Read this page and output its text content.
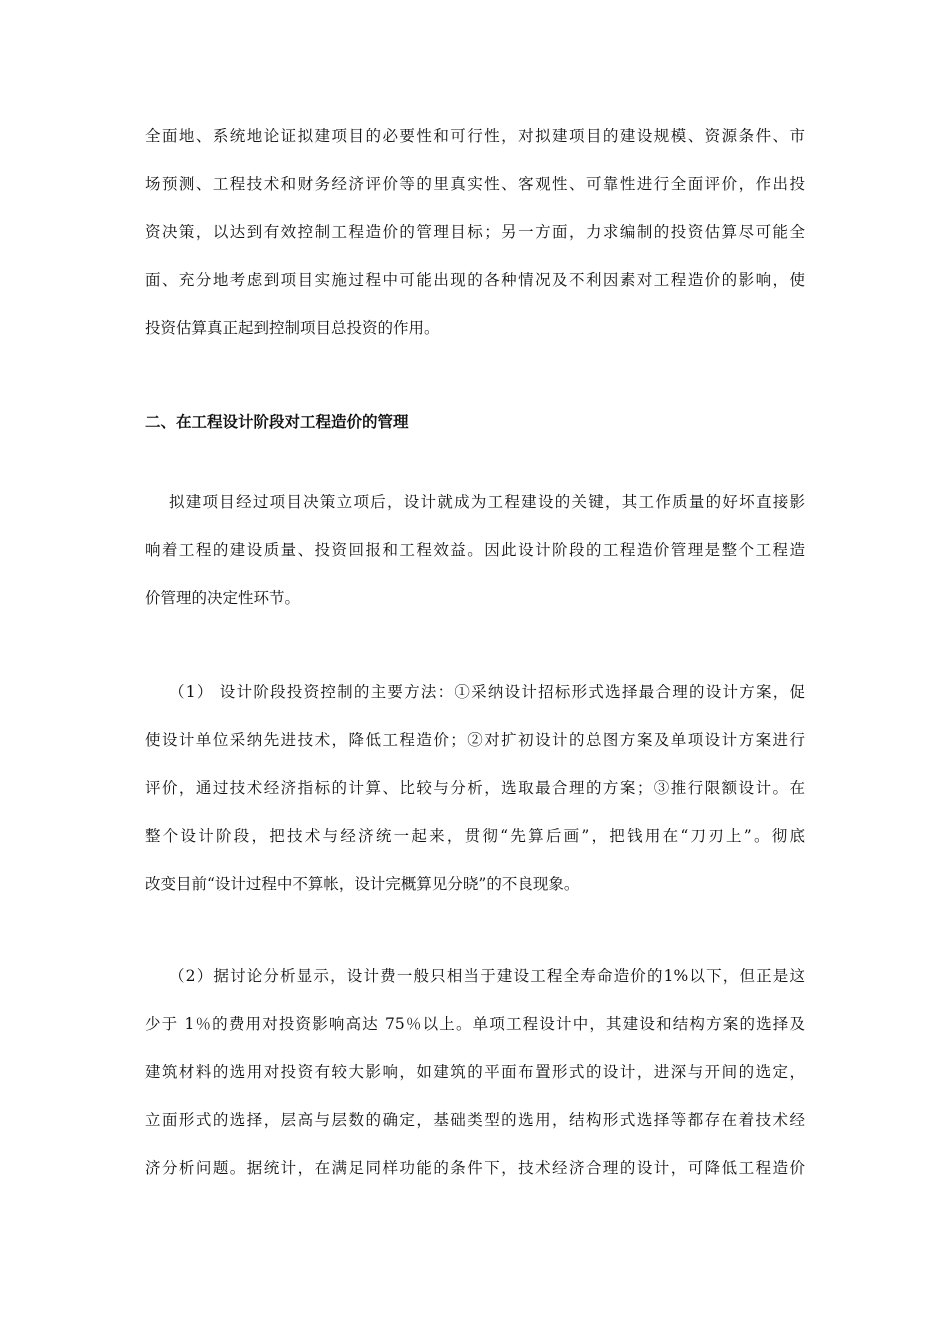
全面地、系统地论证拟建项目的必要性和可行性，对拟建项目的建设规模、资源条件、市
场预测、工程技术和财务经济评价等的里真实性、客观性、可靠性进行全面评价，作出投
资决策，以达到有效控制工程造价的管理目标；另一方面，力求编制的投资估算尽可能全
面、充分地考虑到项目实施过程中可能出现的各种情况及不利因素对工程造价的影响，使
投资估算真正起到控制项目总投资的作用。
二、在工程设计阶段对工程造价的管理
拟建项目经过项目决策立项后，设计就成为工程建设的关键，其工作质量的好坏直接影
响着工程的建设质量、投资回报和工程效益。因此设计阶段的工程造价管理是整个工程造
价管理的决定性环节。
（1） 设计阶段投资控制的主要方法：①采纳设计招标形式选择最合理的设计方案，促
使设计单位采纳先进技术，降低工程造价；②对扩初设计的总图方案及单项设计方案进行
评价，通过技术经济指标的计算、比较与分析，选取最合理的方案；③推行限额设计。在
整个设计阶段，把技术与经济统一起来，贯彻“先算后画”，把钱用在“刀刃上”。彻底
改变目前“设计过程中不算帐，设计完概算见分晓”的不良现象。
（2）据讨论分析显示，设计费一般只相当于建设工程全寿命造价的1%以下，但正是这
少于 1％的费用对投资影响高达 75％以上。单项工程设计中，其建设和结构方案的选择及
建筑材料的选用对投资有较大影响，如建筑的平面布置形式的设计，进深与开间的选定，
立面形式的选择，层高与层数的确定，基础类型的选用，结构形式选择等都存在着技术经
济分析问题。据统计，在满足同样功能的条件下，技术经济合理的设计，可降低工程造价
